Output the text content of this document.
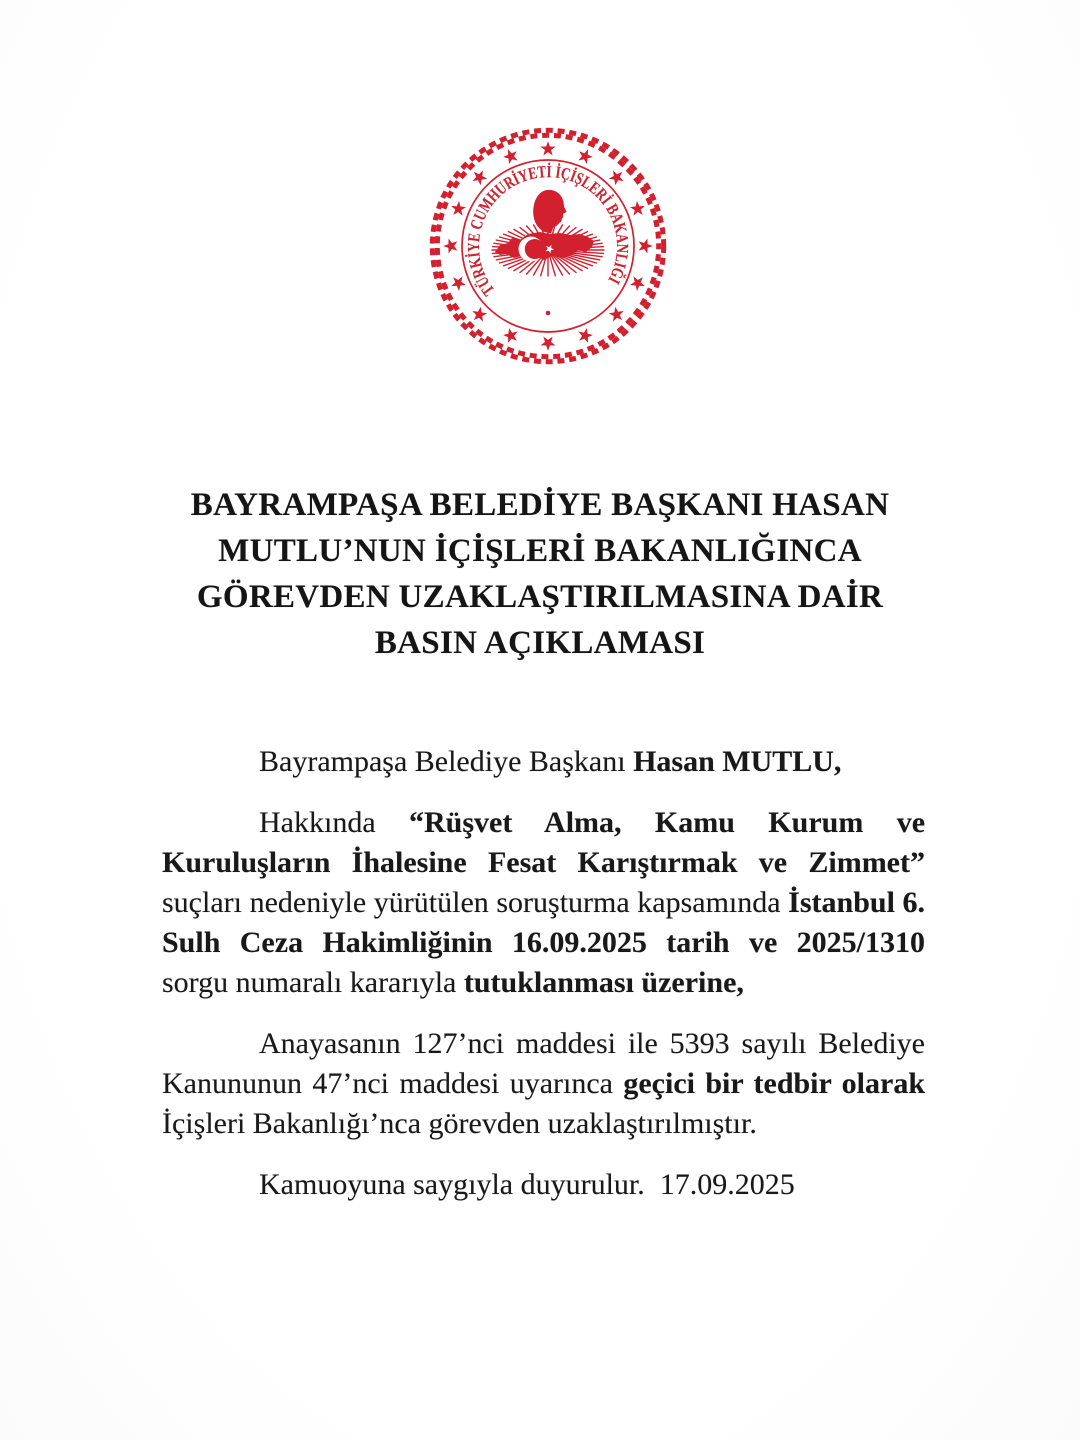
TÜRKİYE CUMHURİYETİ İÇİŞLERİ BAKANLIĞI
BAYRAMPAŞA BELEDİYE BAŞKANI HASAN
MUTLU’NUN İÇİŞLERİ BAKANLIĞINCA
GÖREVDEN UZAKLAŞTIRILMASINA DAİR
BASIN AÇIKLAMASI

Bayrampaşa Belediye Başkanı Hasan MUTLU,

Hakkında “Rüşvet Alma, Kamu Kurum ve Kuruluşların İhalesine Fesat Karıştırmak ve Zimmet” suçları nedeniyle yürütülen soruşturma kapsamında İstanbul 6. Sulh Ceza Hakimliğinin 16.09.2025 tarih ve 2025/1310 sorgu numaralı kararıyla tutuklanması üzerine,

Anayasanın 127’nci maddesi ile 5393 sayılı Belediye Kanununun 47’nci maddesi uyarınca geçici bir tedbir olarak İçişleri Bakanlığı’nca görevden uzaklaştırılmıştır.

Kamuoyuna saygıyla duyurulur.  17.09.2025
